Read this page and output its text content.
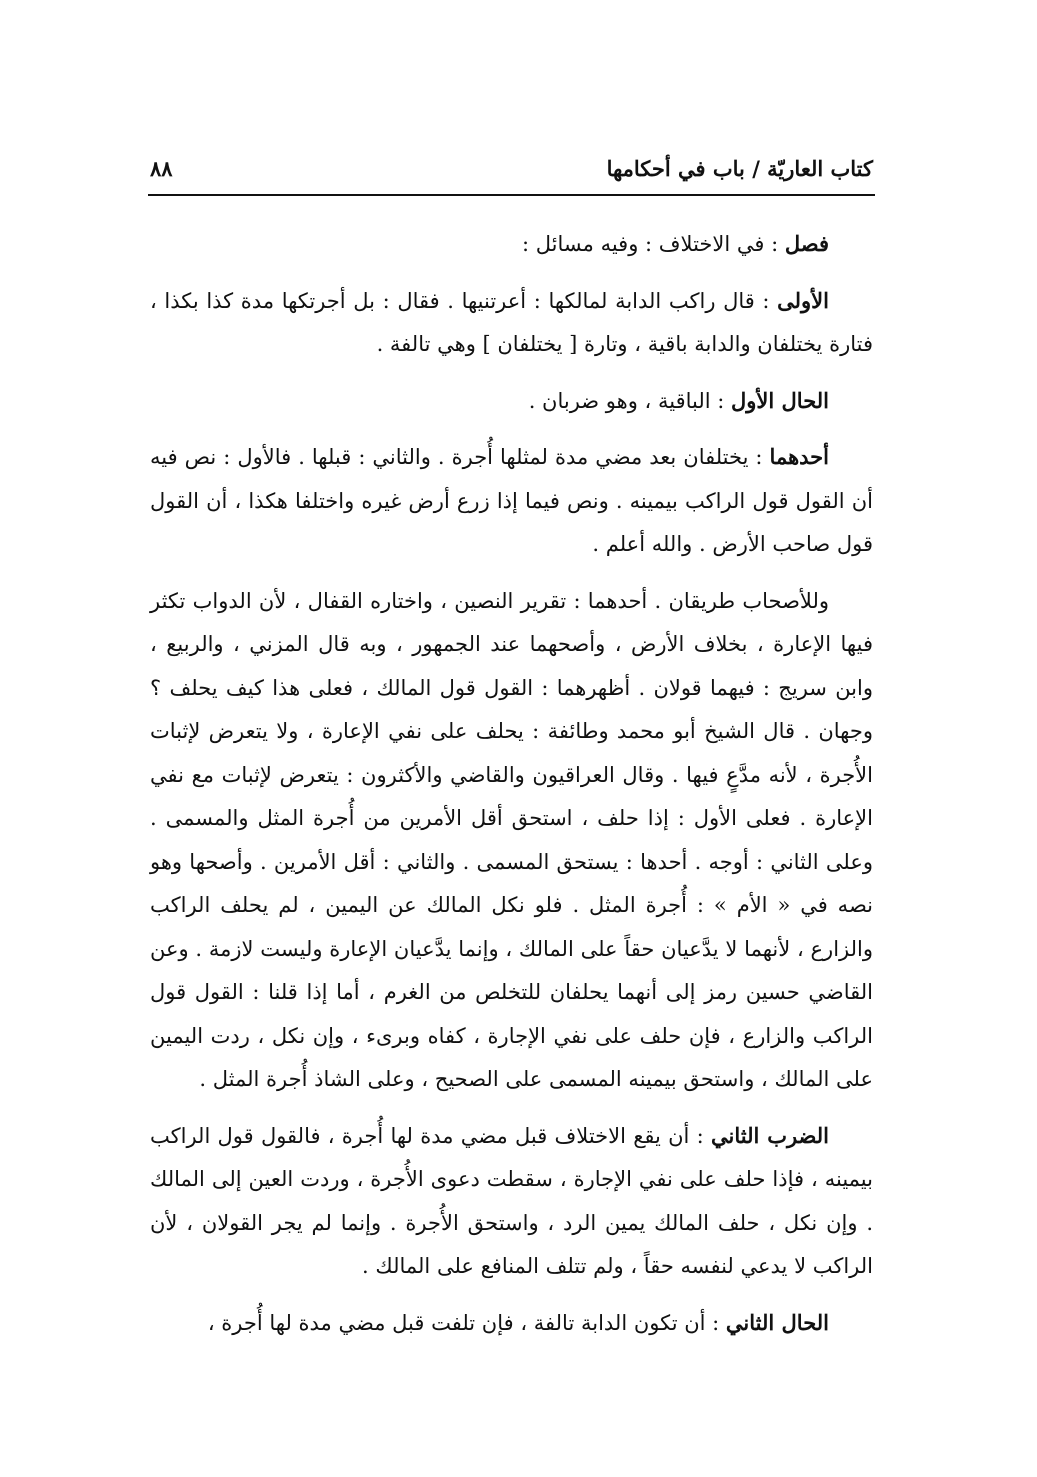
كتاب العاريّة / باب في أحكامها
٨٨

فصل : في الاختلاف : وفيه مسائل :

الأولى : قال راكب الدابة لمالكها : أعرتنيها . فقال : بل أجرتكها مدة كذا بكذا ، فتارة يختلفان والدابة باقية ، وتارة [ يختلفان ] وهي تالفة .

الحال الأول : الباقية ، وهو ضربان .

أحدهما : يختلفان بعد مضي مدة لمثلها أُجرة . والثاني : قبلها . فالأول : نص فيه أن القول قول الراكب بيمينه . ونص فيما إذا زرع أرض غيره واختلفا هكذا ، أن القول قول صاحب الأرض . والله أعلم .

وللأصحاب طريقان . أحدهما : تقرير النصين ، واختاره القفال ، لأن الدواب تكثر فيها الإعارة ، بخلاف الأرض ، وأصحهما عند الجمهور ، وبه قال المزني ، والربيع ، وابن سريج : فيهما قولان . أظهرهما : القول قول المالك ، فعلى هذا كيف يحلف ؟ وجهان . قال الشيخ أبو محمد وطائفة : يحلف على نفي الإعارة ، ولا يتعرض لإثبات الأُجرة ، لأنه مدَّعٍ فيها . وقال العراقيون والقاضي والأكثرون : يتعرض لإثبات مع نفي الإعارة . فعلى الأول : إذا حلف ، استحق أقل الأمرين من أُجرة المثل والمسمى . وعلى الثاني : أوجه . أحدها : يستحق المسمى . والثاني : أقل الأمرين . وأصحها وهو نصه في « الأم » : أُجرة المثل . فلو نكل المالك عن اليمين ، لم يحلف الراكب والزارع ، لأنهما لا يدَّعيان حقاً على المالك ، وإنما يدَّعيان الإعارة وليست لازمة . وعن القاضي حسين رمز إلى أنهما يحلفان للتخلص من الغرم ، أما إذا قلنا : القول قول الراكب والزارع ، فإن حلف على نفي الإجارة ، كفاه وبرىء ، وإن نكل ، ردت اليمين على المالك ، واستحق بيمينه المسمى على الصحيح ، وعلى الشاذ أُجرة المثل .

الضرب الثاني : أن يقع الاختلاف قبل مضي مدة لها أُجرة ، فالقول قول الراكب بيمينه ، فإذا حلف على نفي الإجارة ، سقطت دعوى الأُجرة ، وردت العين إلى المالك . وإن نكل ، حلف المالك يمين الرد ، واستحق الأُجرة . وإنما لم يجر القولان ، لأن الراكب لا يدعي لنفسه حقاً ، ولم تتلف المنافع على المالك .

الحال الثاني : أن تكون الدابة تالفة ، فإن تلفت قبل مضي مدة لها أُجرة ،
